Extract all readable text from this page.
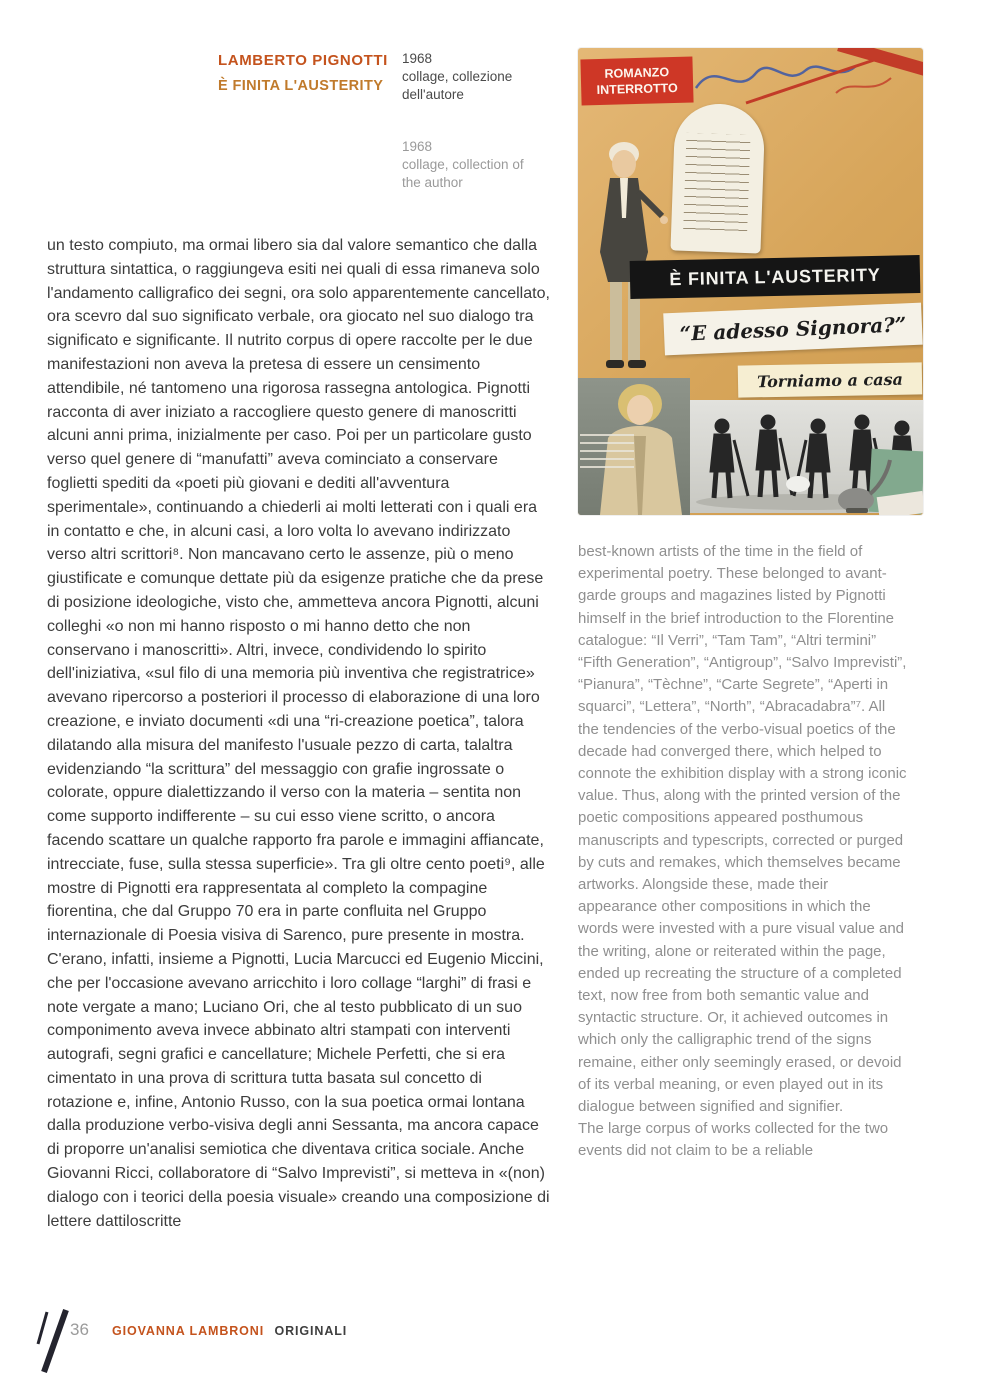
LAMBERTO PIGNOTTI
È FINITA L'AUSTERITY
1968
collage, collezione dell'autore
1968
collage, collection of the author
ROMANZO INTERROTTO
È FINITA L'AUSTERITY
“E adesso Signora?”
Torniamo a casa
un testo compiuto, ma ormai libero sia dal valore semantico che dalla struttura sintattica, o raggiungeva esiti nei quali di essa rimaneva solo l'andamento calligrafico dei segni, ora solo apparentemente cancellato, ora scevro dal suo significato verbale, ora giocato nel suo dialogo tra significato e significante. Il nutrito corpus di opere raccolte per le due manifestazioni non aveva la pretesa di essere un censimento attendibile, né tantomeno una rigorosa rassegna antologica. Pignotti racconta di aver iniziato a raccogliere questo genere di manoscritti alcuni anni prima, inizialmente per caso. Poi per un particolare gusto verso quel genere di “manufatti” aveva cominciato a conservare foglietti spediti da «poeti più giovani e dediti all'avventura sperimentale», continuando a chiederli ai molti letterati con i quali era in contatto e che, in alcuni casi, a loro volta lo avevano indirizzato verso altri scrittori⁸. Non mancavano certo le assenze, più o meno giustificate e comunque dettate più da esigenze pratiche che da prese di posizione ideologiche, visto che, ammetteva ancora Pignotti, alcuni colleghi «o non mi hanno risposto o mi hanno detto che non conservano i manoscritti». Altri, invece, condividendo lo spirito dell'iniziativa, «sul filo di una memoria più inventiva che registratrice» avevano ripercorso a posteriori il processo di elaborazione di una loro creazione, e inviato documenti «di una “ri-creazione poetica”, talora dilatando alla misura del manifesto l'usuale pezzo di carta, talaltra evidenziando “la scrittura” del messaggio con grafie ingrossate o colorate, oppure dialettizzando il verso con la materia – sentita non come supporto indifferente – su cui esso viene scritto, o ancora facendo scattare un qualche rapporto fra parole e immagini affiancate, intrecciate, fuse, sulla stessa superficie». Tra gli oltre cento poeti⁹, alle mostre di Pignotti era rappresentata al completo la compagine fiorentina, che dal Gruppo 70 era in parte confluita nel Gruppo internazionale di Poesia visiva di Sarenco, pure presente in mostra. C'erano, infatti, insieme a Pignotti, Lucia Marcucci ed Eugenio Miccini, che per l'occasione avevano arricchito i loro collage “larghi” di frasi e note vergate a mano; Luciano Ori, che al testo pubblicato di un suo componimento aveva invece abbinato altri stampati con interventi autografi, segni grafici e cancellature; Michele Perfetti, che si era cimentato in una prova di scrittura tutta basata sul concetto di rotazione e, infine, Antonio Russo, con la sua poetica ormai lontana dalla produzione verbo-visiva degli anni Sessanta, ma ancora capace di proporre un'analisi semiotica che diventava critica sociale. Anche Giovanni Ricci, collaboratore di “Salvo Imprevisti”, si metteva in «(non) dialogo con i teorici della poesia visuale» creando una composizione di lettere dattiloscritte

best-known artists of the time in the field of experimental poetry. These belonged to avant-garde groups and magazines listed by Pignotti himself in the brief introduction to the Florentine catalogue: “Il Verri”, “Tam Tam”, “Altri termini” “Fifth Generation”, “Antigroup”, “Salvo Imprevisti”, “Pianura”, “Tèchne”, “Carte Segrete”, “Aperti in squarci”, “Lettera”, “North”, “Abracadabra”⁷. All the tendencies of the verbo-visual poetics of the decade had converged there, which helped to connote the exhibition display with a strong iconic value. Thus, along with the printed version of the poetic compositions appeared posthumous manuscripts and typescripts, corrected or purged by cuts and remakes, which themselves became artworks. Alongside these, made their appearance other compositions in which the words were invested with a pure visual value and the writing, alone or reiterated within the page, ended up recreating the structure of a completed text, now free from both semantic value and syntactic structure. Or, it achieved outcomes in which only the calligraphic trend of the signs remaine, either only seemingly erased, or devoid of its verbal meaning, or even played out in its dialogue between signified and signifier.

The large corpus of works collected for the two events did not claim to be a reliable

36 GIOVANNA LAMBRONI ORIGINALI
